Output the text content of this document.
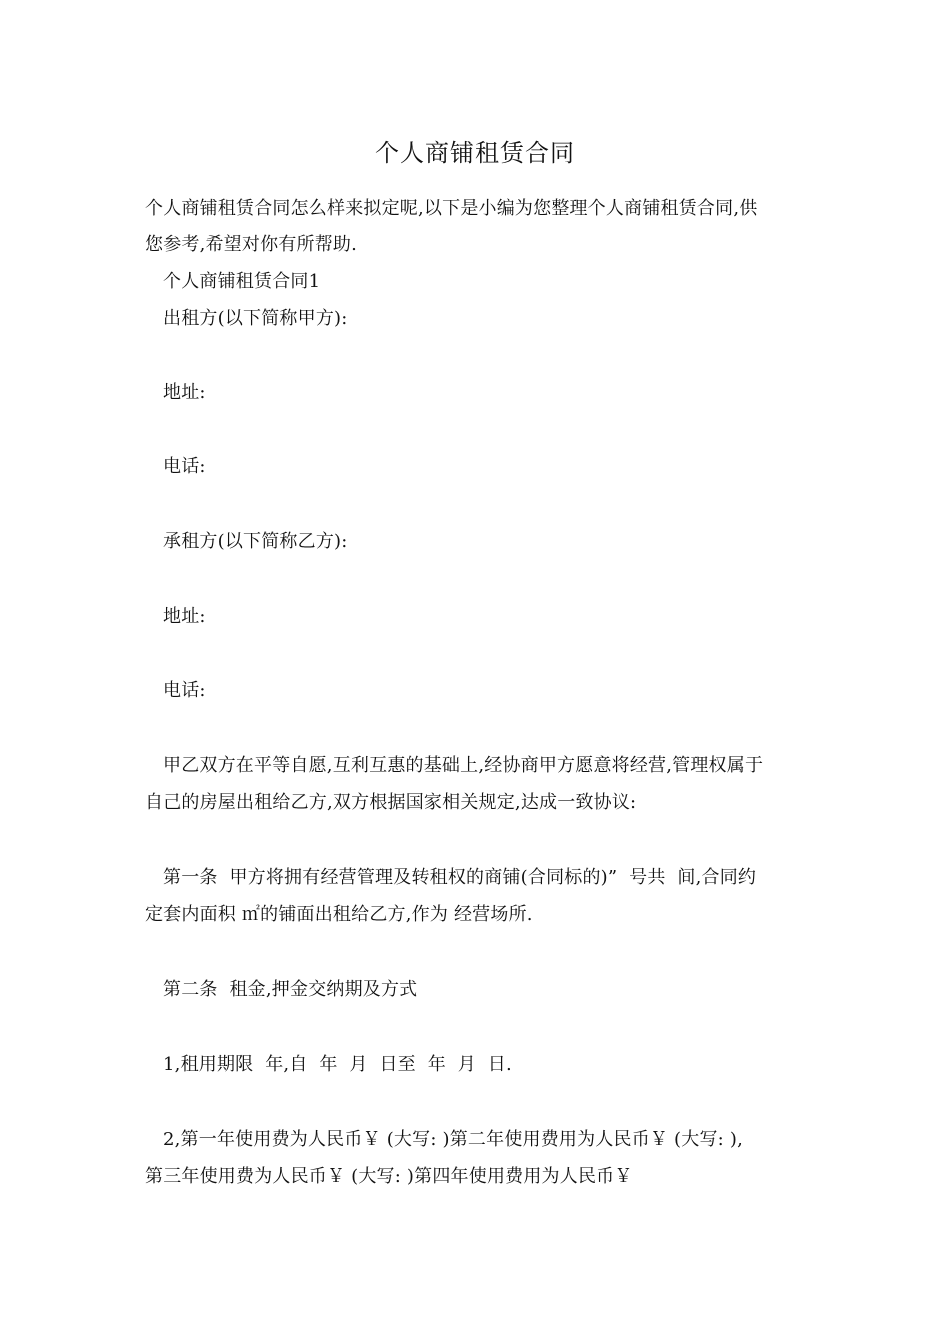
个人商铺租赁合同
个人商铺租赁合同怎么样来拟定呢,以下是小编为您整理个人商铺租赁合同,供
您参考,希望对你有所帮助.
个人商铺租赁合同1
出租方(以下简称甲方):
地址:
电话:
承租方(以下简称乙方):
地址:
电话:
甲乙双方在平等自愿,互利互惠的基础上,经协商甲方愿意将经营,管理权属于
自己的房屋出租给乙方,双方根据国家相关规定,达成一致协议:
第一条  甲方将拥有经营管理及转租权的商铺(合同标的)”  号共  间,合同约
定套内面积 ㎡的铺面出租给乙方,作为 经营场所.
第二条  租金,押金交纳期及方式
1,租用期限  年,自  年  月  日至  年  月  日.
2,第一年使用费为人民币￥ (大写: )第二年使用费用为人民币￥ (大写: ),
第三年使用费为人民币￥ (大写: )第四年使用费用为人民币￥
